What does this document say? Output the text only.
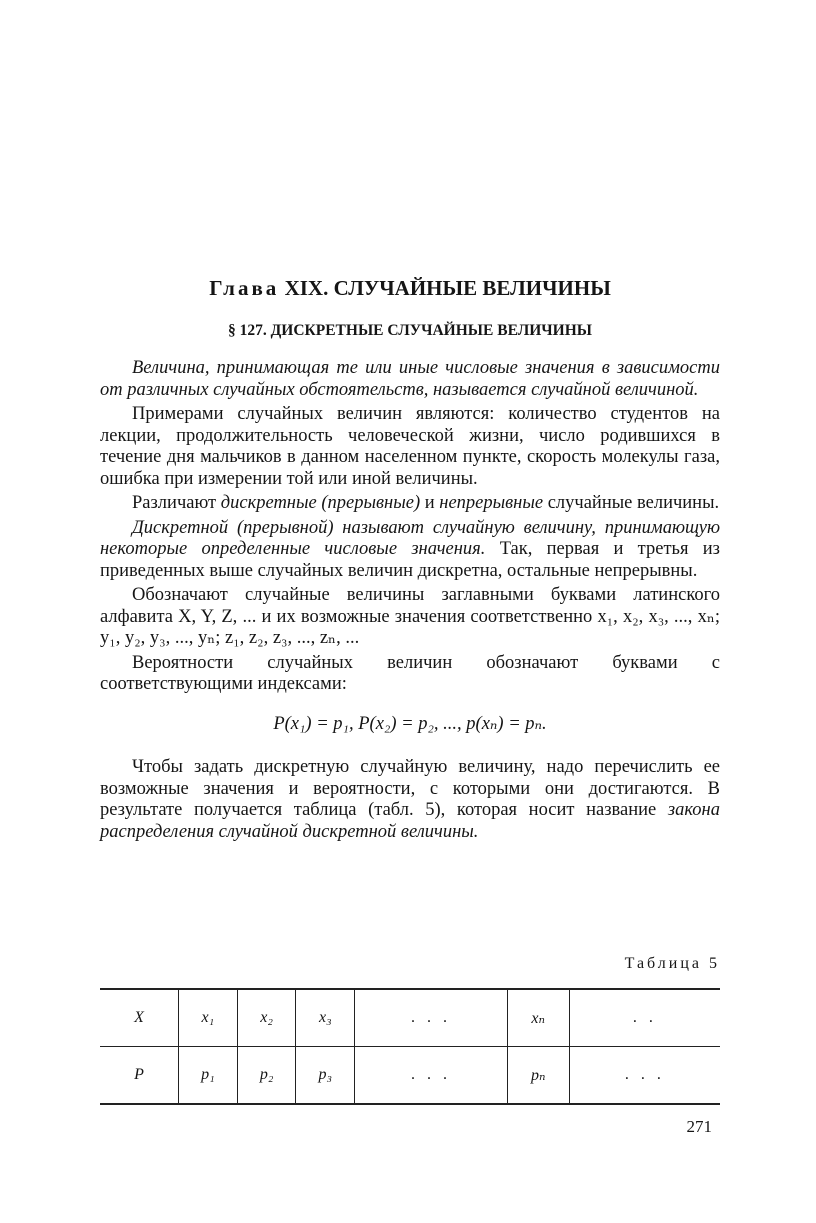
Глава XIX. СЛУЧАЙНЫЕ ВЕЛИЧИНЫ
§ 127. ДИСКРЕТНЫЕ СЛУЧАЙНЫЕ ВЕЛИЧИНЫ

Величина, принимающая те или иные числовые значения в зависимости от различных случайных обстоятельств, называется случайной величиной.

Примерами случайных величин являются: количество студентов на лекции, продолжительность человеческой жизни, число родившихся в течение дня мальчиков в данном населенном пункте, скорость молекулы газа, ошибка при измерении той или иной величины.

Различают дискретные (прерывные) и непрерывные случайные величины.

Дискретной (прерывной) называют случайную величину, принимающую некоторые определенные числовые значения. Так, первая и третья из приведенных выше случайных величин дискретна, остальные непрерывны.

Обозначают случайные величины заглавными буквами латинского алфавита X, Y, Z, ... и их возможные значения соответственно x₁, x₂, x₃, ..., xₙ; y₁, y₂, y₃, ..., yₙ; z₁, z₂, z₃, ..., zₙ, ...

Вероятности случайных величин обозначают буквами с соответствующими индексами:

P(x₁) = p₁, P(x₂) = p₂, ..., p(xₙ) = pₙ.

Чтобы задать дискретную случайную величину, надо перечислить ее возможные значения и вероятности, с которыми они достигаются. В результате получается таблица (табл. 5), которая носит название закона распределения случайной дискретной величины.

Таблица 5
X	x₁	x₂	x₃	. . .	xₙ	. .
P	p₁	p₂	p₃	. . .	pₙ	. . .
271
